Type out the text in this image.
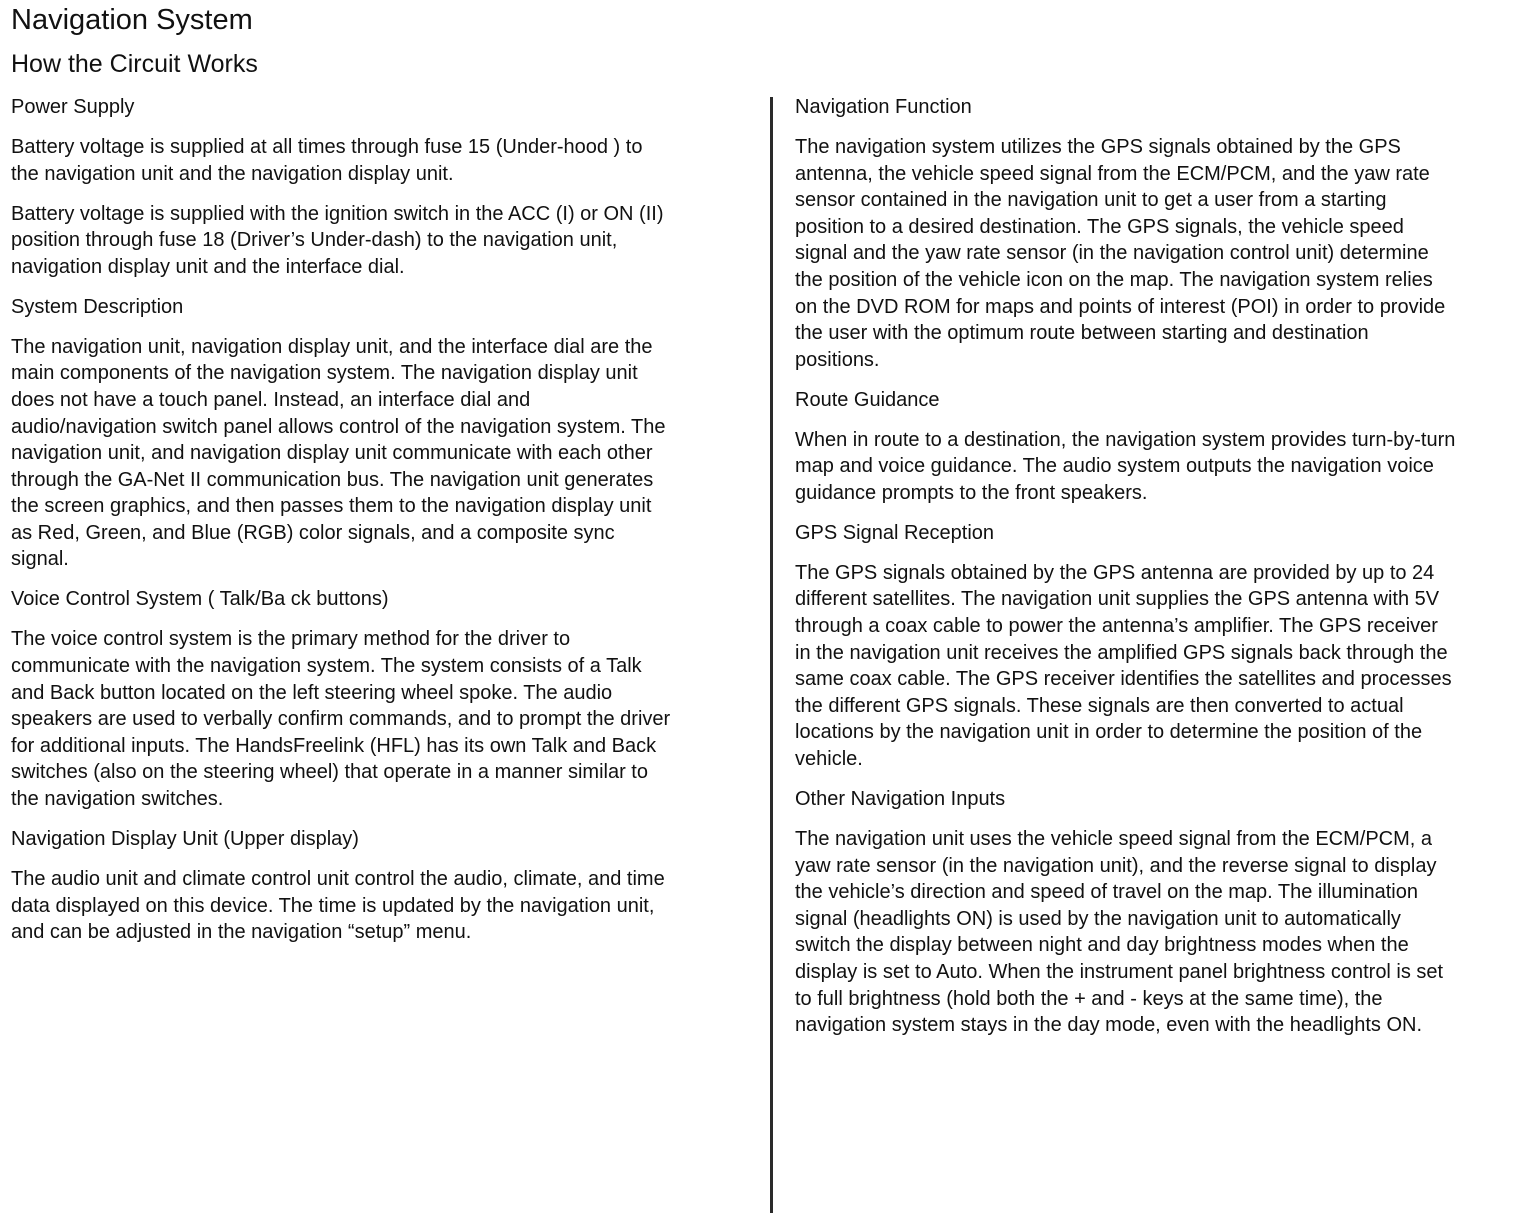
Navigation System
How the Circuit Works
Power Supply

Battery voltage is supplied at all times through fuse 15 (Under-hood ) to
the navigation unit and the navigation display unit.

Battery voltage is supplied with the ignition switch in the ACC (I) or ON (II)
position through fuse 18 (Driver’s Under-dash) to the navigation unit,
navigation display unit and the interface dial.

System Description

The navigation unit, navigation display unit, and the interface dial are the
main components of the navigation system. The navigation display unit
does not have a touch panel. Instead, an interface dial and
audio/navigation switch panel allows control of the navigation system. The
navigation unit, and navigation display unit communicate with each other
through the GA-Net II communication bus. The navigation unit generates
the screen graphics, and then passes them to the navigation display unit
as Red, Green, and Blue (RGB) color signals, and a composite sync
signal.

Voice Control System ( Talk/Ba ck buttons)

The voice control system is the primary method for the driver to
communicate with the navigation system. The system consists of a Talk
and Back button located on the left steering wheel spoke. The audio
speakers are used to verbally confirm commands, and to prompt the driver
for additional inputs. The HandsFreelink (HFL) has its own Talk and Back
switches (also on the steering wheel) that operate in a manner similar to
the navigation switches.

Navigation Display Unit (Upper display)

The audio unit and climate control unit control the audio, climate, and time
data displayed on this device. The time is updated by the navigation unit,
and can be adjusted in the navigation “setup” menu.

Navigation Function

The navigation system utilizes the GPS signals obtained by the GPS
antenna, the vehicle speed signal from the ECM/PCM, and the yaw rate
sensor contained in the navigation unit to get a user from a starting
position to a desired destination. The GPS signals, the vehicle speed
signal and the yaw rate sensor (in the navigation control unit) determine
the position of the vehicle icon on the map. The navigation system relies
on the DVD ROM for maps and points of interest (POI) in order to provide
the user with the optimum route between starting and destination
positions.

Route Guidance

When in route to a destination, the navigation system provides turn-by-turn
map and voice guidance. The audio system outputs the navigation voice
guidance prompts to the front speakers.

GPS Signal Reception

The GPS signals obtained by the GPS antenna are provided by up to 24
different satellites. The navigation unit supplies the GPS antenna with 5V
through a coax cable to power the antenna’s amplifier. The GPS receiver
in the navigation unit receives the amplified GPS signals back through the
same coax cable. The GPS receiver identifies the satellites and processes
the different GPS signals. These signals are then converted to actual
locations by the navigation unit in order to determine the position of the
vehicle.

Other Navigation Inputs

The navigation unit uses the vehicle speed signal from the ECM/PCM, a
yaw rate sensor (in the navigation unit), and the reverse signal to display
the vehicle’s direction and speed of travel on the map. The illumination
signal (headlights ON) is used by the navigation unit to automatically
switch the display between night and day brightness modes when the
display is set to Auto. When the instrument panel brightness control is set
to full brightness (hold both the + and - keys at the same time), the
navigation system stays in the day mode, even with the headlights ON.
